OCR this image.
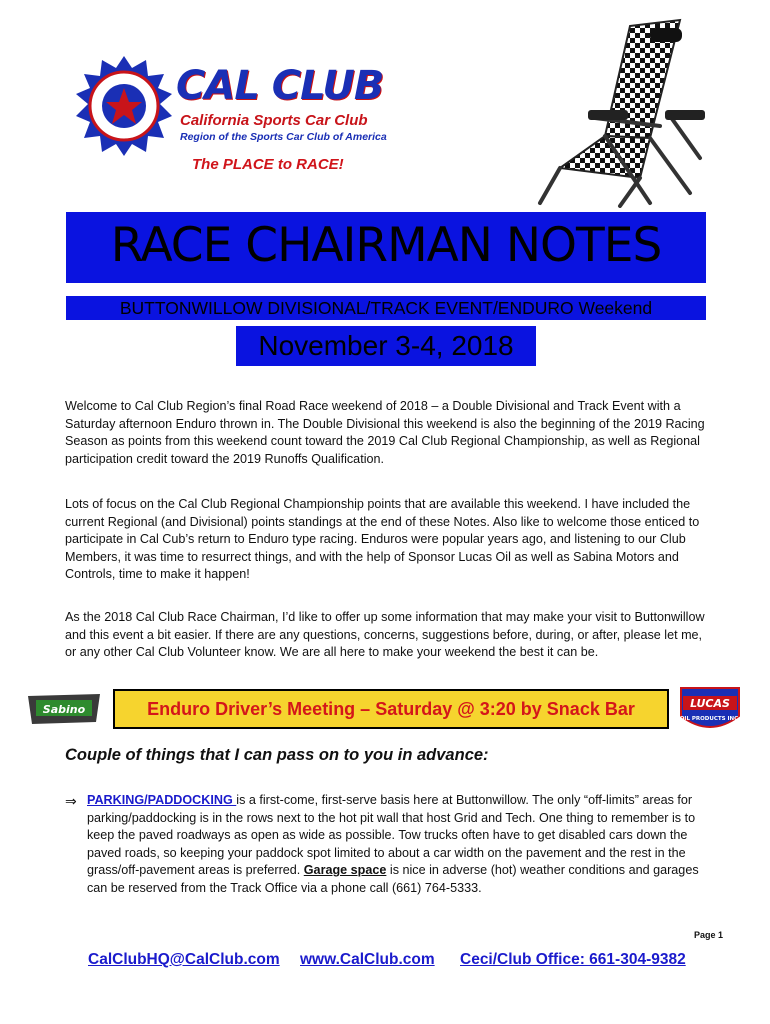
CAL CLUB
California Sports Car Club
Region of the Sports Car Club of America
The PLACE to RACE!
RACE CHAIRMAN NOTES
BUTTONWILLOW DIVISIONAL/TRACK EVENT/ENDURO Weekend
November 3-4, 2018
Welcome to Cal Club Region’s final Road Race weekend of 2018 – a Double Divisional and Track Event with a Saturday afternoon Enduro thrown in. The Double Divisional this weekend is also the beginning of the 2019 Racing Season as points from this weekend count toward the 2019 Cal Club Regional Championship, as well as Regional participation credit toward the 2019 Runoffs Qualification.
Lots of focus on the Cal Club Regional Championship points that are available this weekend. I have included the current Regional (and Divisional) points standings at the end of these Notes. Also like to welcome those enticed to participate in Cal Cub’s return to Enduro type racing. Enduros were popular years ago, and listening to our Club Members, it was time to resurrect things, and with the help of Sponsor Lucas Oil as well as Sabina Motors and Controls, time to make it happen!
As the 2018 Cal Club Race Chairman, I’d like to offer up some information that may make your visit to Buttonwillow and this event a bit easier. If there are any questions, concerns, suggestions before, during, or after, please let me, or any other Cal Club Volunteer know. We are all here to make your weekend the best it can be.
Sabino	Enduro Driver’s Meeting – Saturday @ 3:20 by Snack Bar	LUCAS
OIL PRODUCTS INC.
Couple of things that I can pass on to you in advance:
⇒ PARKING/PADDOCKING is a first-come, first-serve basis here at Buttonwillow. The only “off-limits” areas for parking/paddocking is in the rows next to the hot pit wall that host Grid and Tech. One thing to remember is to keep the paved roadways as open as wide as possible. Tow trucks often have to get disabled cars down the paved roads, so keeping your paddock spot limited to about a car width on the pavement and the rest in the grass/off-pavement areas is preferred. Garage space is nice in adverse (hot) weather conditions and garages can be reserved from the Track Office via a phone call (661) 764-5333.
Page 1
CalClubHQ@CalClub.com www.CalClub.com Ceci/Club Office: 661-304-9382
